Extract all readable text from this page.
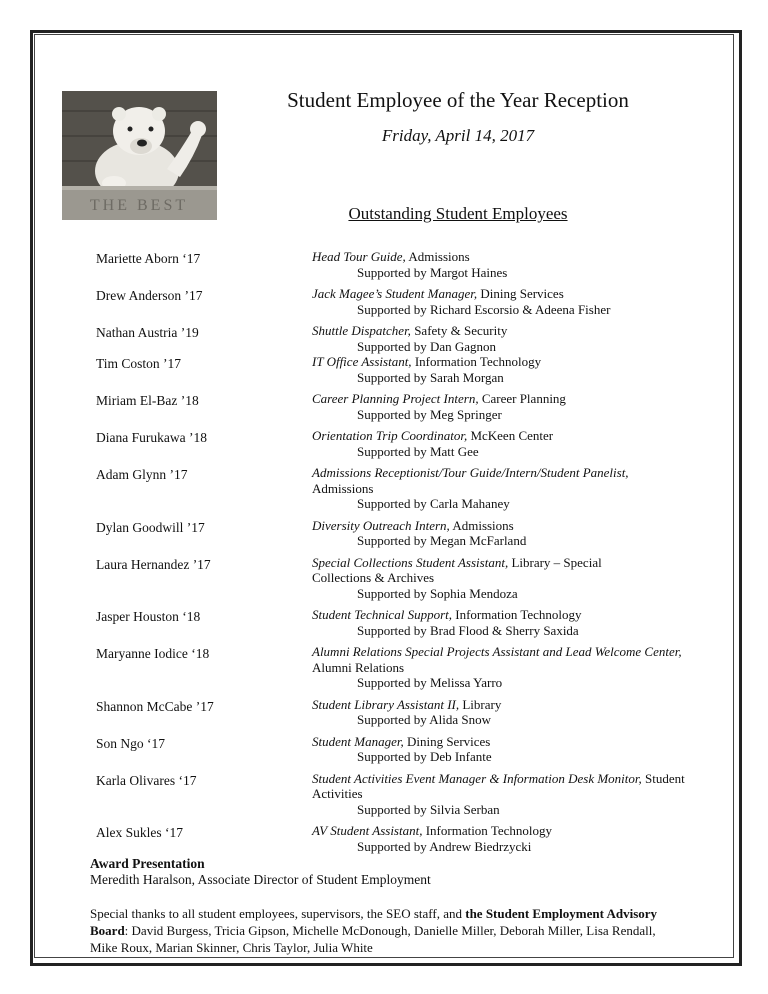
THE BEST
Student Employee of the Year Reception
Friday, April 14, 2017
Outstanding Student Employees
Mariette Aborn ‘17	Head Tour Guide, Admissions
Supported by Margot Haines
Drew Anderson ’17	Jack Magee’s Student Manager, Dining Services
Supported by Richard Escorsio & Adeena Fisher
Nathan Austria ’19	Shuttle Dispatcher, Safety & Security
Supported by Dan Gagnon
Tim Coston ’17	IT Office Assistant, Information Technology
Supported by Sarah Morgan
Miriam El-Baz ’18	Career Planning Project Intern, Career Planning
Supported by Meg Springer
Diana Furukawa ’18	Orientation Trip Coordinator, McKeen Center
Supported by Matt Gee
Adam Glynn ’17	Admissions Receptionist/Tour Guide/Intern/Student Panelist,
Admissions
Supported by Carla Mahaney
Dylan Goodwill ’17	Diversity Outreach Intern, Admissions
Supported by Megan McFarland
Laura Hernandez ’17	Special Collections Student Assistant, Library – Special
Collections & Archives
Supported by Sophia Mendoza
Jasper Houston ‘18	Student Technical Support, Information Technology
Supported by Brad Flood & Sherry Saxida
Maryanne Iodice ‘18	Alumni Relations Special Projects Assistant and Lead Welcome Center, Alumni Relations
Supported by Melissa Yarro
Shannon McCabe ’17	Student Library Assistant II, Library
Supported by Alida Snow
Son Ngo ‘17	Student Manager, Dining Services
Supported by Deb Infante
Karla Olivares ‘17	Student Activities Event Manager & Information Desk Monitor, Student Activities
Supported by Silvia Serban
Alex Sukles ‘17	AV Student Assistant, Information Technology
Supported by Andrew Biedrzycki
Award Presentation
Meredith Haralson, Associate Director of Student Employment
Special thanks to all student employees, supervisors, the SEO staff, and the Student Employment Advisory Board: David Burgess, Tricia Gipson, Michelle McDonough, Danielle Miller, Deborah Miller, Lisa Rendall, Mike Roux, Marian Skinner, Chris Taylor, Julia White
